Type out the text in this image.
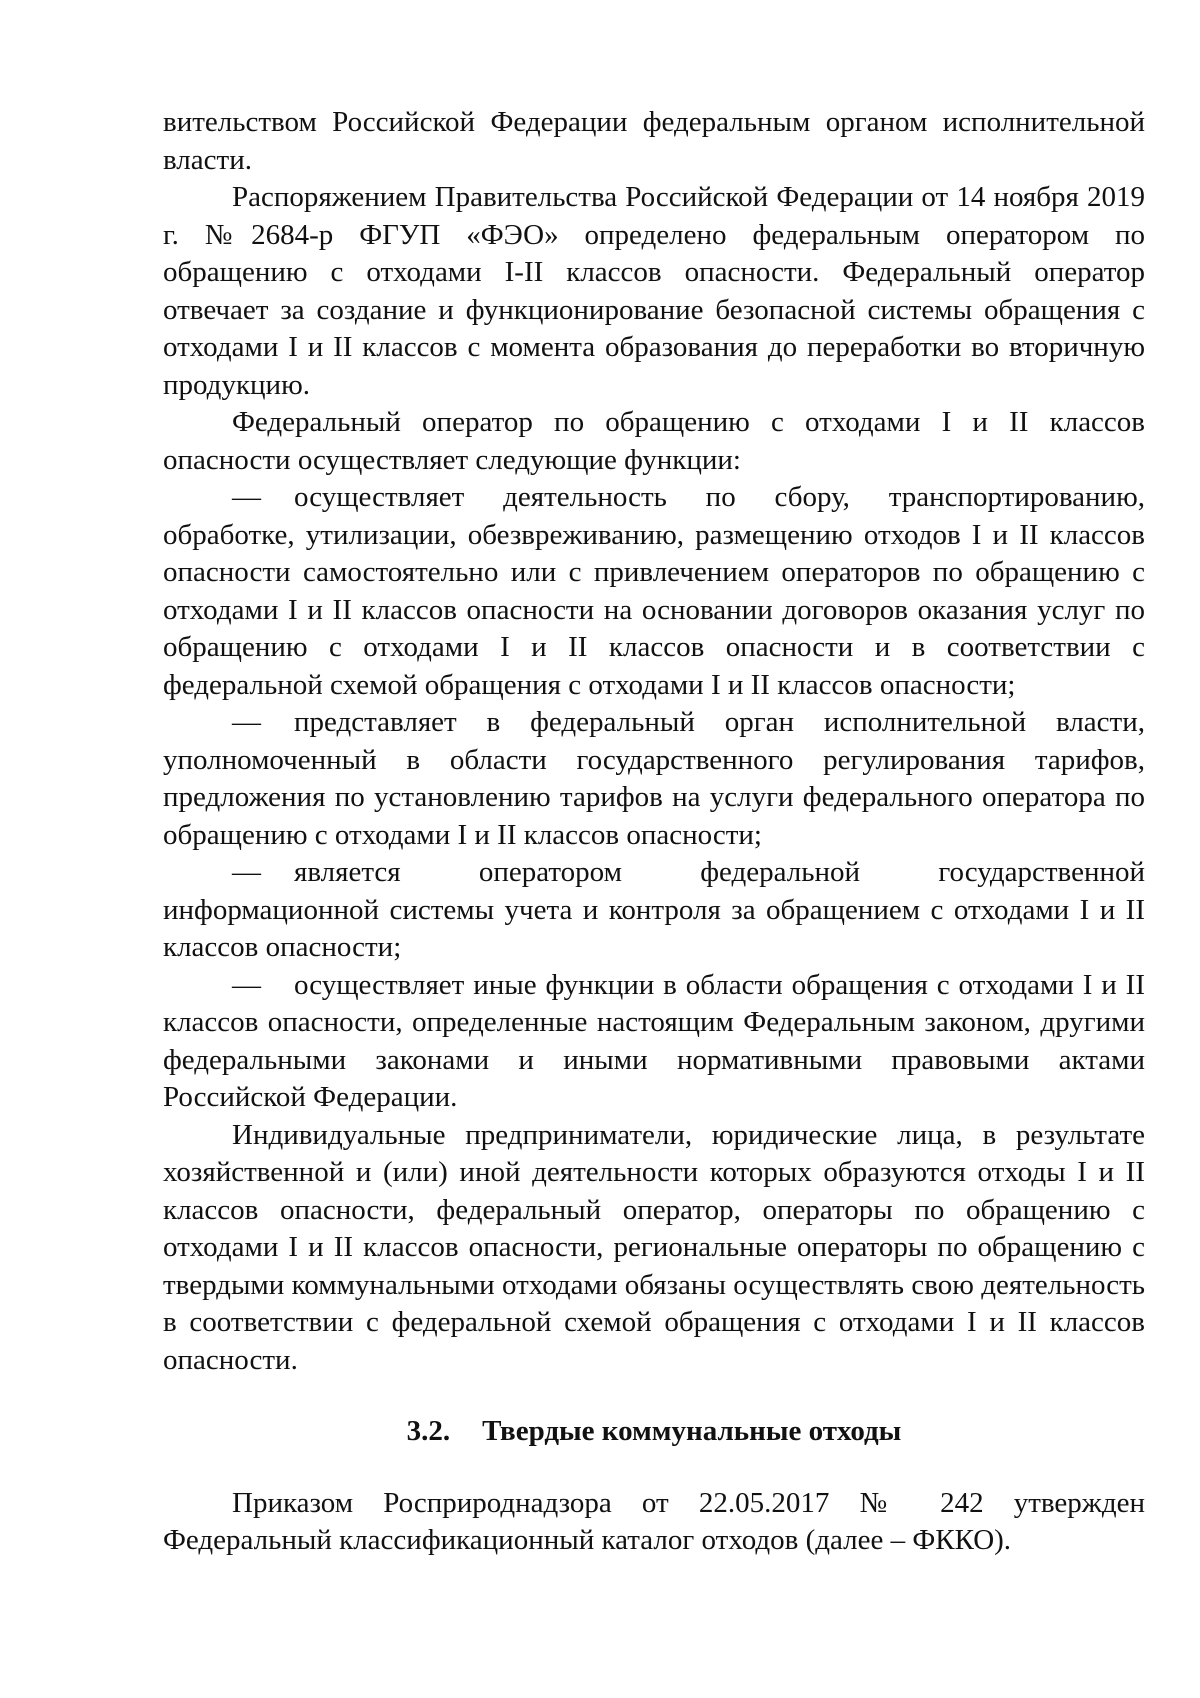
вительством Российской Федерации федеральным органом исполнительной власти.

Распоряжением Правительства Российской Федерации от 14 ноября 2019 г. №2684-р ФГУП «ФЭО» определено федеральным оператором по обращению с отходами I-II классов опасности. Федеральный оператор отвечает за создание и функционирование безопасной системы обращения с отходами I и II классов с момента образования до переработки во вторичную продукцию.

Федеральный оператор по обращению с отходами I и II классов опасности осуществляет следующие функции:

— осуществляет деятельность по сбору, транспортированию, обработке, утилизации, обезвреживанию, размещению отходов I и II классов опасности самостоятельно или с привлечением операторов по обращению с отходами I и II классов опасности на основании договоров оказания услуг по обращению с отходами I и II классов опасности и в соответствии с федеральной схемой обращения с отходами I и II классов опасности;

— представляет в федеральный орган исполнительной власти, уполномоченный в области государственного регулирования тарифов, предложения по установлению тарифов на услуги федерального оператора по обращению с отходами I и II классов опасности;

— является оператором федеральной государственной информационной системы учета и контроля за обращением с отходами I и II классов опасности;

— осуществляет иные функции в области обращения с отходами I и II классов опасности, определенные настоящим Федеральным законом, другими федеральными законами и иными нормативными правовыми актами Российской Федерации.

Индивидуальные предприниматели, юридические лица, в результате хозяйственной и (или) иной деятельности которых образуются отходы I и II классов опасности, федеральный оператор, операторы по обращению с отходами I и II классов опасности, региональные операторы по обращению с твердыми коммунальными отходами обязаны осуществлять свою деятельность в соответствии с федеральной схемой обращения с отходами I и II классов опасности.

3.2. Твердые коммунальные отходы

Приказом Росприроднадзора от 22.05.2017 № 242 утвержден Федеральный классификационный каталог отходов (далее – ФККО).
